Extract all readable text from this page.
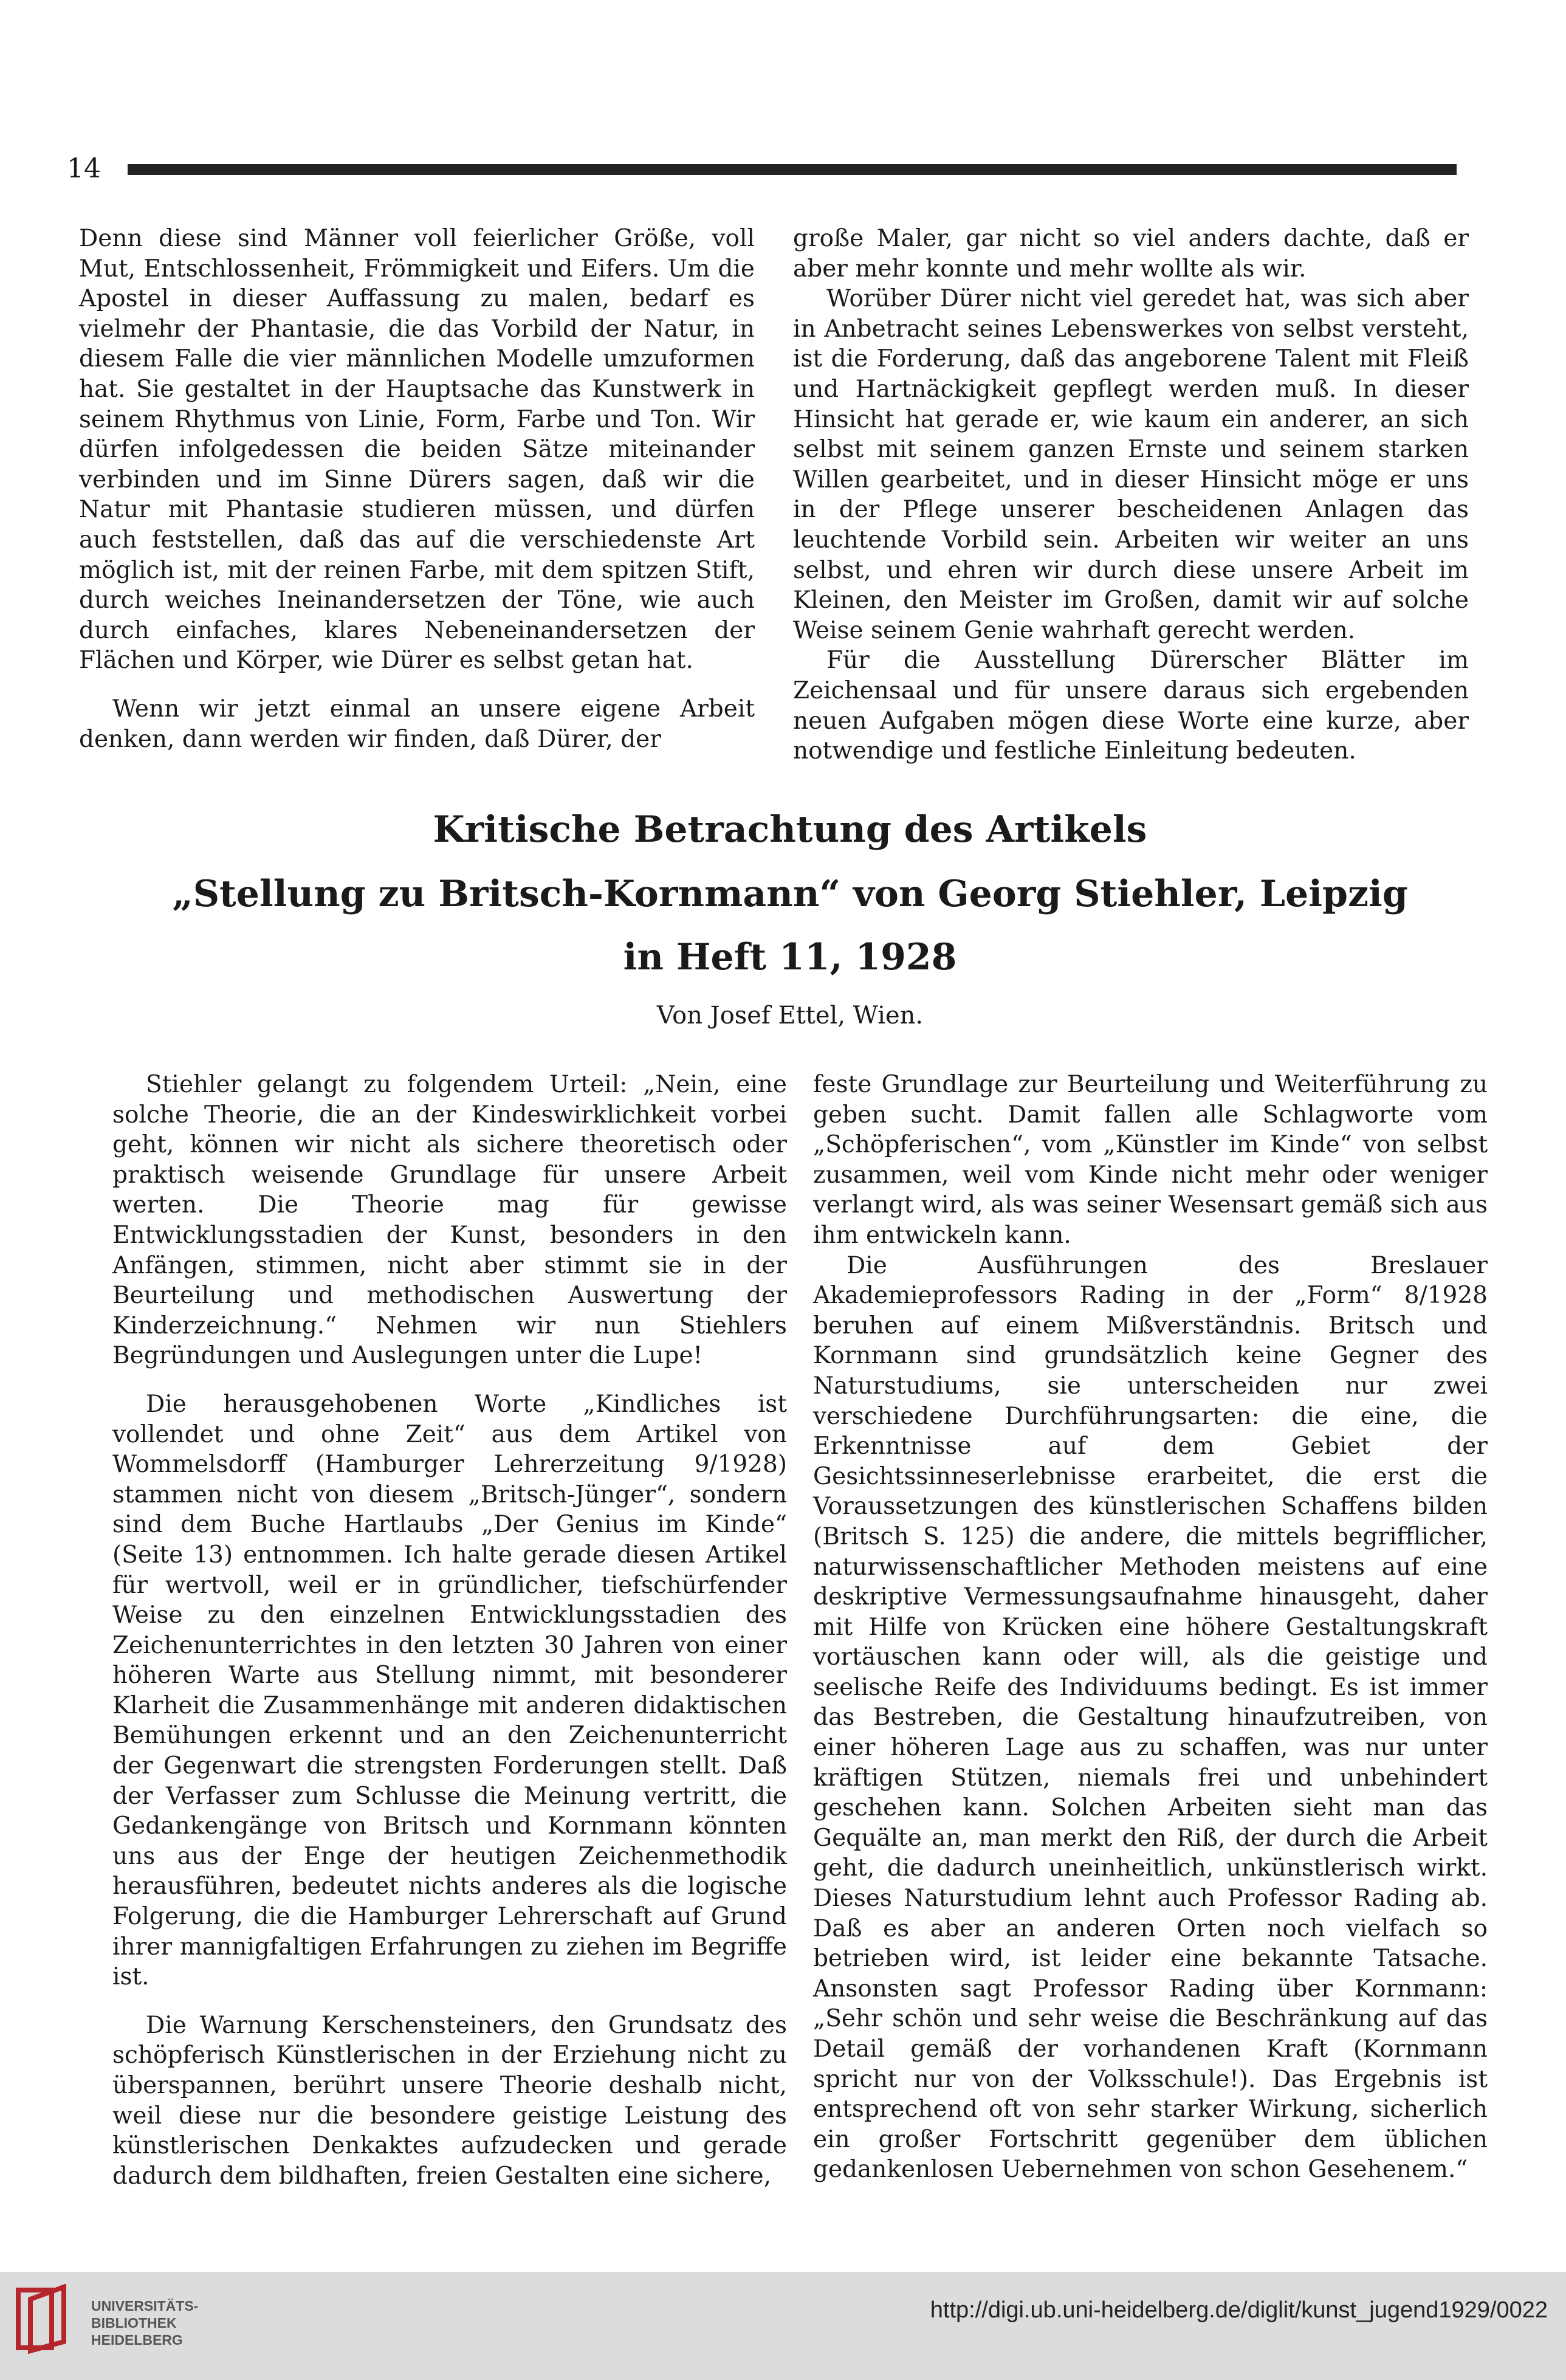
14

Denn diese sind Männer voll feierlicher Größe, voll Mut, Entschlossenheit, Frömmigkeit und Eifers. Um die Apostel in dieser Auffassung zu malen, bedarf es vielmehr der Phantasie, die das Vorbild der Natur, in diesem Falle die vier männlichen Modelle umzuformen hat. Sie gestaltet in der Hauptsache das Kunstwerk in seinem Rhythmus von Linie, Form, Farbe und Ton. Wir dürfen infolgedessen die beiden Sätze miteinander verbinden und im Sinne Dürers sagen, daß wir die Natur mit Phantasie studieren müssen, und dürfen auch feststellen, daß das auf die verschiedenste Art möglich ist, mit der reinen Farbe, mit dem spitzen Stift, durch weiches Ineinandersetzen der Töne, wie auch durch einfaches, klares Nebeneinandersetzen der Flächen und Körper, wie Dürer es selbst getan hat.

Wenn wir jetzt einmal an unsere eigene Arbeit denken, dann werden wir finden, daß Dürer, der

große Maler, gar nicht so viel anders dachte, daß er aber mehr konnte und mehr wollte als wir.

Worüber Dürer nicht viel geredet hat, was sich aber in Anbetracht seines Lebenswerkes von selbst versteht, ist die Forderung, daß das angeborene Talent mit Fleiß und Hartnäckigkeit gepflegt werden muß. In dieser Hinsicht hat gerade er, wie kaum ein anderer, an sich selbst mit seinem ganzen Ernste und seinem starken Willen gearbeitet, und in dieser Hinsicht möge er uns in der Pflege unserer bescheidenen Anlagen das leuchtende Vorbild sein. Arbeiten wir weiter an uns selbst, und ehren wir durch diese unsere Arbeit im Kleinen, den Meister im Großen, damit wir auf solche Weise seinem Genie wahrhaft gerecht werden.

Für die Ausstellung Dürerscher Blätter im Zeichensaal und für unsere daraus sich ergebenden neuen Aufgaben mögen diese Worte eine kurze, aber notwendige und festliche Einleitung bedeuten.

Kritische Betrachtung des Artikels
„Stellung zu Britsch-Kornmann“ von Georg Stiehler, Leipzig
in Heft 11, 1928
Von Josef Ettel, Wien.

Stiehler gelangt zu folgendem Urteil: „Nein, eine solche Theorie, die an der Kindeswirklichkeit vorbei geht, können wir nicht als sichere theoretisch oder praktisch weisende Grundlage für unsere Arbeit werten. Die Theorie mag für gewisse Entwicklungsstadien der Kunst, besonders in den Anfängen, stimmen, nicht aber stimmt sie in der Beurteilung und methodischen Auswertung der Kinderzeichnung.“ Nehmen wir nun Stiehlers Begründungen und Auslegungen unter die Lupe!

Die herausgehobenen Worte „Kindliches ist vollendet und ohne Zeit“ aus dem Artikel von Wommelsdorff (Hamburger Lehrerzeitung 9/1928) stammen nicht von diesem „Britsch-Jünger“, sondern sind dem Buche Hartlaubs „Der Genius im Kinde“ (Seite 13) entnommen. Ich halte gerade diesen Artikel für wertvoll, weil er in gründlicher, tiefschürfender Weise zu den einzelnen Entwicklungsstadien des Zeichenunterrichtes in den letzten 30 Jahren von einer höheren Warte aus Stellung nimmt, mit besonderer Klarheit die Zusammenhänge mit anderen didaktischen Bemühungen erkennt und an den Zeichenunterricht der Gegenwart die strengsten Forderungen stellt. Daß der Verfasser zum Schlusse die Meinung vertritt, die Gedankengänge von Britsch und Kornmann könnten uns aus der Enge der heutigen Zeichenmethodik herausführen, bedeutet nichts anderes als die logische Folgerung, die die Hamburger Lehrerschaft auf Grund ihrer mannigfaltigen Erfahrungen zu ziehen im Begriffe ist.

Die Warnung Kerschensteiners, den Grundsatz des schöpferisch Künstlerischen in der Erziehung nicht zu überspannen, berührt unsere Theorie deshalb nicht, weil diese nur die besondere geistige Leistung des künstlerischen Denkaktes aufzudecken und gerade dadurch dem bildhaften, freien Gestalten eine sichere,

feste Grundlage zur Beurteilung und Weiterführung zu geben sucht. Damit fallen alle Schlagworte vom „Schöpferischen“, vom „Künstler im Kinde“ von selbst zusammen, weil vom Kinde nicht mehr oder weniger verlangt wird, als was seiner Wesensart gemäß sich aus ihm entwickeln kann.

Die Ausführungen des Breslauer Akademieprofessors Rading in der „Form“ 8/1928 beruhen auf einem Mißverständnis. Britsch und Kornmann sind grundsätzlich keine Gegner des Naturstudiums, sie unterscheiden nur zwei verschiedene Durchführungsarten: die eine, die Erkenntnisse auf dem Gebiet der Gesichtssinneserlebnisse erarbeitet, die erst die Voraussetzungen des künstlerischen Schaffens bilden (Britsch S. 125) die andere, die mittels begrifflicher, naturwissenschaftlicher Methoden meistens auf eine deskriptive Vermessungsaufnahme hinausgeht, daher mit Hilfe von Krücken eine höhere Gestaltungskraft vortäuschen kann oder will, als die geistige und seelische Reife des Individuums bedingt. Es ist immer das Bestreben, die Gestaltung hinaufzutreiben, von einer höheren Lage aus zu schaffen, was nur unter kräftigen Stützen, niemals frei und unbehindert geschehen kann. Solchen Arbeiten sieht man das Gequälte an, man merkt den Riß, der durch die Arbeit geht, die dadurch uneinheitlich, unkünstlerisch wirkt. Dieses Naturstudium lehnt auch Professor Rading ab. Daß es aber an anderen Orten noch vielfach so betrieben wird, ist leider eine bekannte Tatsache. Ansonsten sagt Professor Rading über Kornmann: „Sehr schön und sehr weise die Beschränkung auf das Detail gemäß der vorhandenen Kraft (Kornmann spricht nur von der Volksschule!). Das Ergebnis ist entsprechend oft von sehr starker Wirkung, sicherlich ein großer Fortschritt gegenüber dem üblichen gedankenlosen Uebernehmen von schon Gesehenem.“

UNIVERSITÄTS-
BIBLIOTHEK
HEIDELBERG
http://digi.ub.uni-heidelberg.de/diglit/kunst_jugend1929/0022
